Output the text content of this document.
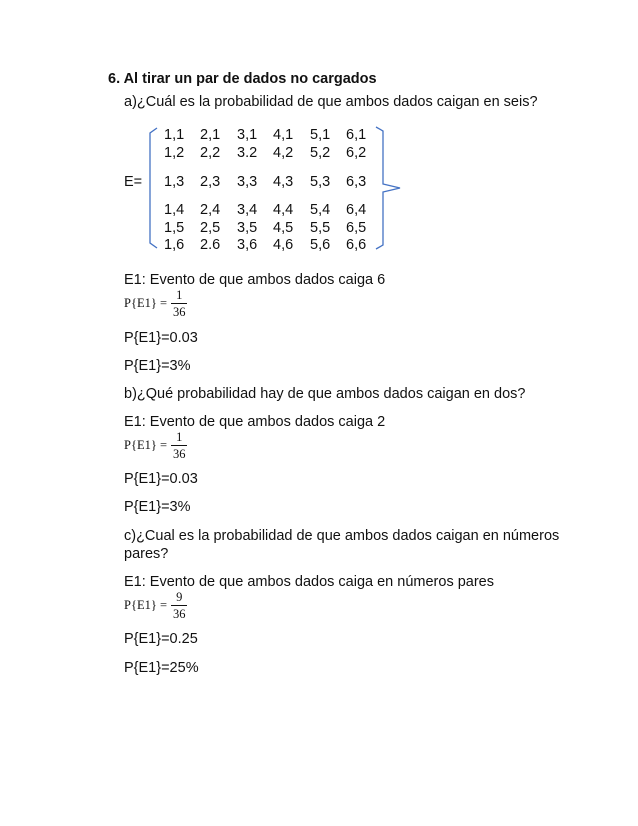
6. Al tirar un par de dados no cargados
a)¿Cuál es la probabilidad de que ambos dados caigan en seis?
E=
1,1 2,1 3,1 4,1 5,1 6,1
1,2 2,2 3.2 4,2 5,2 6,2
1,3 2,3 3,3 4,3 5,3 6,3
1,4 2,4 3,4 4,4 5,4 6,4
1,5 2,5 3,5 4,5 5,5 6,5
1,6 2.6 3,6 4,6 5,6 6,6
E1: Evento de que ambos dados caiga 6
P{E1} =
1
36
P{E1}=0.03
P{E1}=3%
b)¿Qué probabilidad hay de que ambos dados caigan en dos?
E1: Evento de que ambos dados caiga 2
P{E1} =
1
36
P{E1}=0.03
P{E1}=3%
c)¿Cual es la probabilidad de que ambos dados caigan en números
pares?
E1: Evento de que ambos dados caiga en números pares
P{E1} =
9
36
P{E1}=0.25
P{E1}=25%
